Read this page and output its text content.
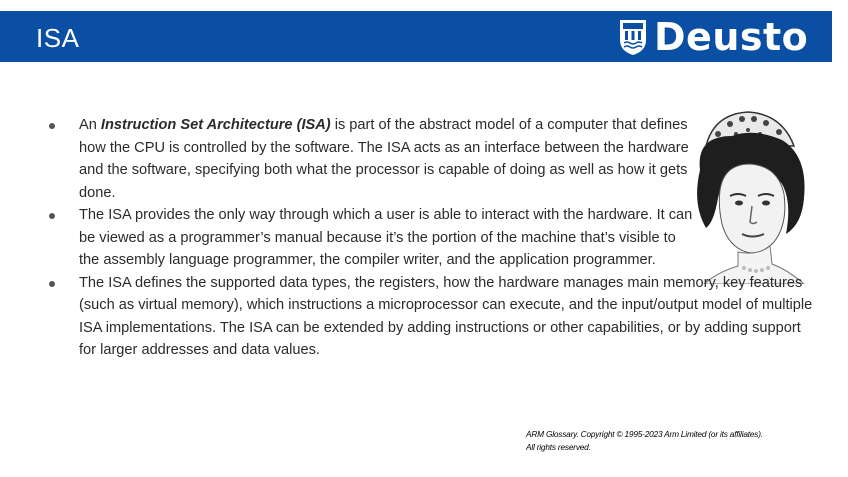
ISA	Deusto
An Instruction Set Architecture (ISA) is part of the abstract model of a computer that defines how the CPU is controlled by the software. The ISA acts as an interface between the hardware and the software, specifying both what the processor is capable of doing as well as how it gets done.
The ISA provides the only way through which a user is able to interact with the hardware. It can be viewed as a programmer’s manual because it’s the portion of the machine that’s visible to the assembly language programmer, the compiler writer, and the application programmer.
The ISA defines the supported data types, the registers, how the hardware manages main memory, key features (such as virtual memory), which instructions a microprocessor can execute, and the input/output model of multiple ISA implementations. The ISA can be extended by adding instructions or other capabilities, or by adding support for larger addresses and data values.
ARM Glossary. Copyright © 1995-2023 Arm Limited (or its affiliates).
All rights reserved.
